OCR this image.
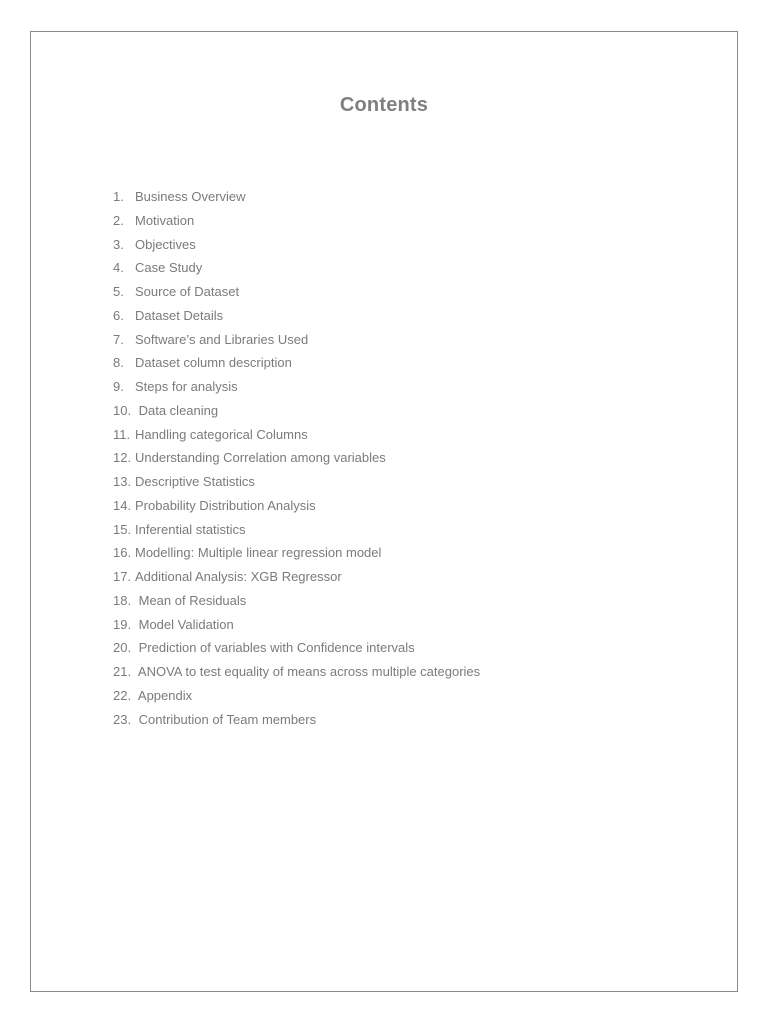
Contents
1. Business Overview
2. Motivation
3. Objectives
4. Case Study
5. Source of Dataset
6. Dataset Details
7. Software’s and Libraries Used
8. Dataset column description
9. Steps for analysis
10. Data cleaning
11. Handling categorical Columns
12. Understanding Correlation among variables
13. Descriptive Statistics
14. Probability Distribution Analysis
15. Inferential statistics
16. Modelling: Multiple linear regression model
17. Additional Analysis: XGB Regressor
18. Mean of Residuals
19. Model Validation
20. Prediction of variables with Confidence intervals
21. ANOVA to test equality of means across multiple categories
22. Appendix
23. Contribution of Team members
